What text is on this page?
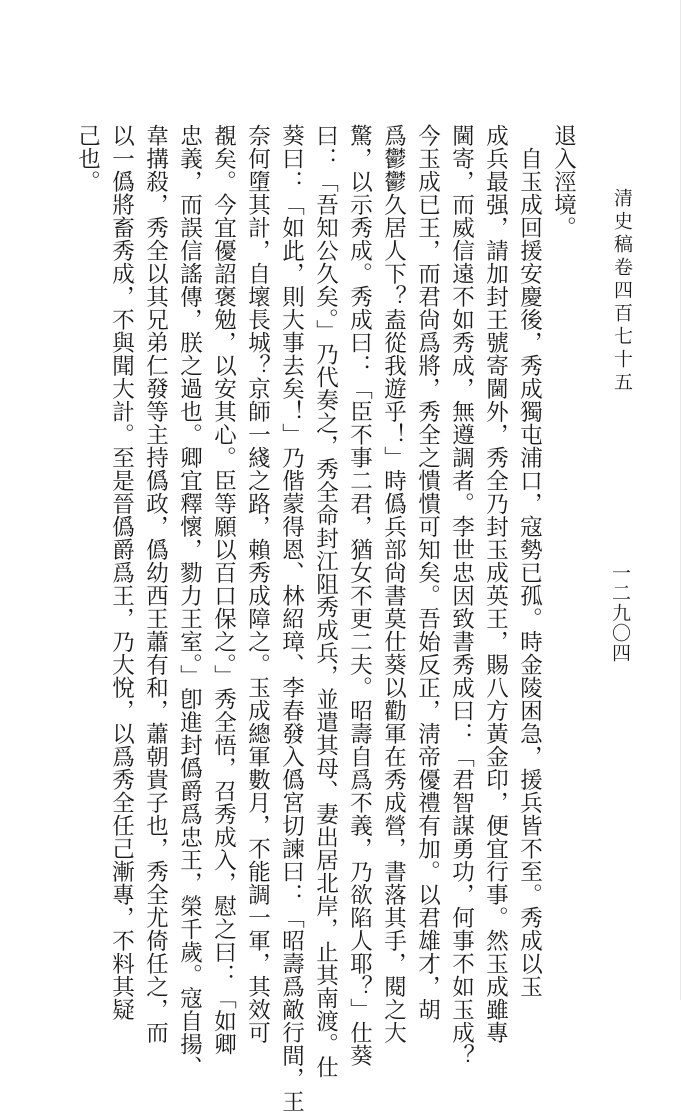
清史稿卷四百七十五
一二九〇四
退入涇境。
　自玉成回援安慶後，秀成獨屯浦口，寇勢已孤。時金陵困急，援兵皆不至。秀成以玉
成兵最强，請加封王號寄閫外，秀全乃封玉成英王，賜八方黃金印，便宜行事。然玉成雖專
閫寄，而威信遠不如秀成，無遵調者。李世忠因致書秀成曰：「君智謀勇功，何事不如玉成？
今玉成已王，而君尙爲將，秀全之憒憒可知矣。吾始反正，淸帝優禮有加。以君雄才，胡
爲鬱鬱久居人下？盍從我遊乎！」時僞兵部尙書莫仕葵以勸軍在秀成營，書落其手，閱之大
驚，以示秀成。秀成曰：「臣不事二君，猶女不更二夫。昭壽自爲不義，乃欲陷人耶？」仕葵
曰：「吾知公久矣。」乃代奏之，秀全命封江阻秀成兵，並遣其母、妻出居北岸，止其南渡。仕
葵曰：「如此，則大事去矣！」乃偕蒙得恩、林紹璋、李春發入僞宮切諫曰：「昭壽爲敵行間，王
奈何墮其計，自壞長城？京師一綫之路，賴秀成障之。玉成總軍數月，不能調一軍，其效可
覩矣。今宜優詔褒勉，以安其心。臣等願以百口保之。」秀全悟，召秀成入，慰之曰：「如卿
忠義，而誤信謠傳，朕之過也。卿宜釋懷，勠力王室。」卽進封僞爵爲忠王，榮千歲。寇自揚、
韋搆殺，秀全以其兄弟仁發等主持僞政，僞幼西王蕭有和，蕭朝貴子也，秀全尤倚任之，而
以一僞將畜秀成，不與聞大計。至是晉僞爵爲王，乃大悅，以爲秀全任己漸專，不料其疑
己也。
